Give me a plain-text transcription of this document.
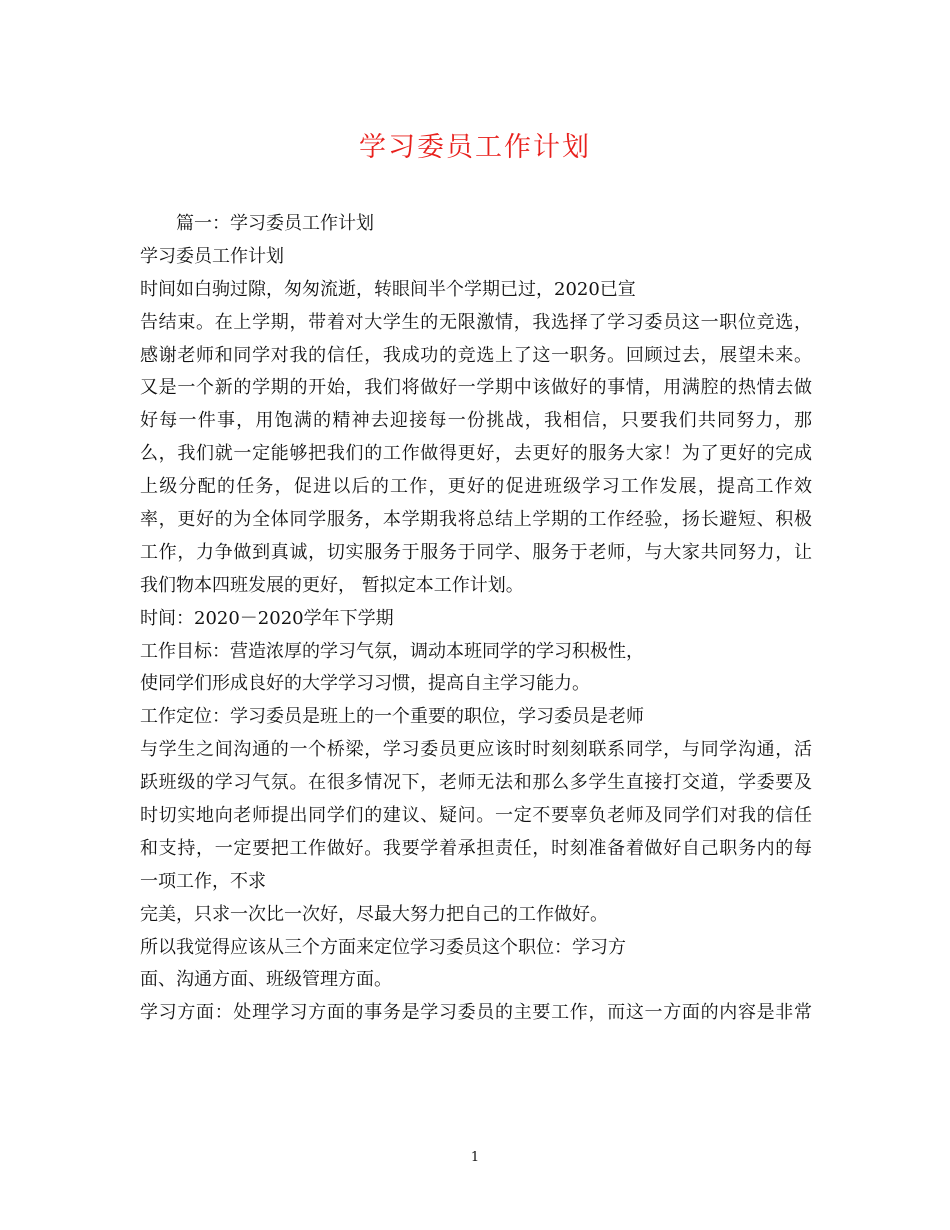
学习委员工作计划
篇一：学习委员工作计划
学习委员工作计划
时间如白驹过隙，匆匆流逝，转眼间半个学期已过，2020已宣
告结束。在上学期，带着对大学生的无限激情，我选择了学习委员这一职位竞选，
感谢老师和同学对我的信任，我成功的竞选上了这一职务。回顾过去，展望未来。
又是一个新的学期的开始，我们将做好一学期中该做好的事情，用满腔的热情去做
好每一件事，用饱满的精神去迎接每一份挑战，我相信，只要我们共同努力，那
么，我们就一定能够把我们的工作做得更好，去更好的服务大家！为了更好的完成
上级分配的任务，促进以后的工作，更好的促进班级学习工作发展，提高工作效
率，更好的为全体同学服务，本学期我将总结上学期的工作经验，扬长避短、积极
工作，力争做到真诚，切实服务于服务于同学、服务于老师，与大家共同努力，让
我们物本四班发展的更好， 暂拟定本工作计划。
时间：2020－2020学年下学期
工作目标：营造浓厚的学习气氛，调动本班同学的学习积极性，
使同学们形成良好的大学学习习惯，提高自主学习能力。
工作定位：学习委员是班上的一个重要的职位，学习委员是老师
与学生之间沟通的一个桥梁，学习委员更应该时时刻刻联系同学，与同学沟通，活
跃班级的学习气氛。在很多情况下，老师无法和那么多学生直接打交道，学委要及
时切实地向老师提出同学们的建议、疑问。一定不要辜负老师及同学们对我的信任
和支持，一定要把工作做好。我要学着承担责任，时刻准备着做好自己职务内的每
一项工作，不求
完美，只求一次比一次好，尽最大努力把自己的工作做好。
所以我觉得应该从三个方面来定位学习委员这个职位：学习方
面、沟通方面、班级管理方面。
学习方面：处理学习方面的事务是学习委员的主要工作，而这一方面的内容是非常
1
